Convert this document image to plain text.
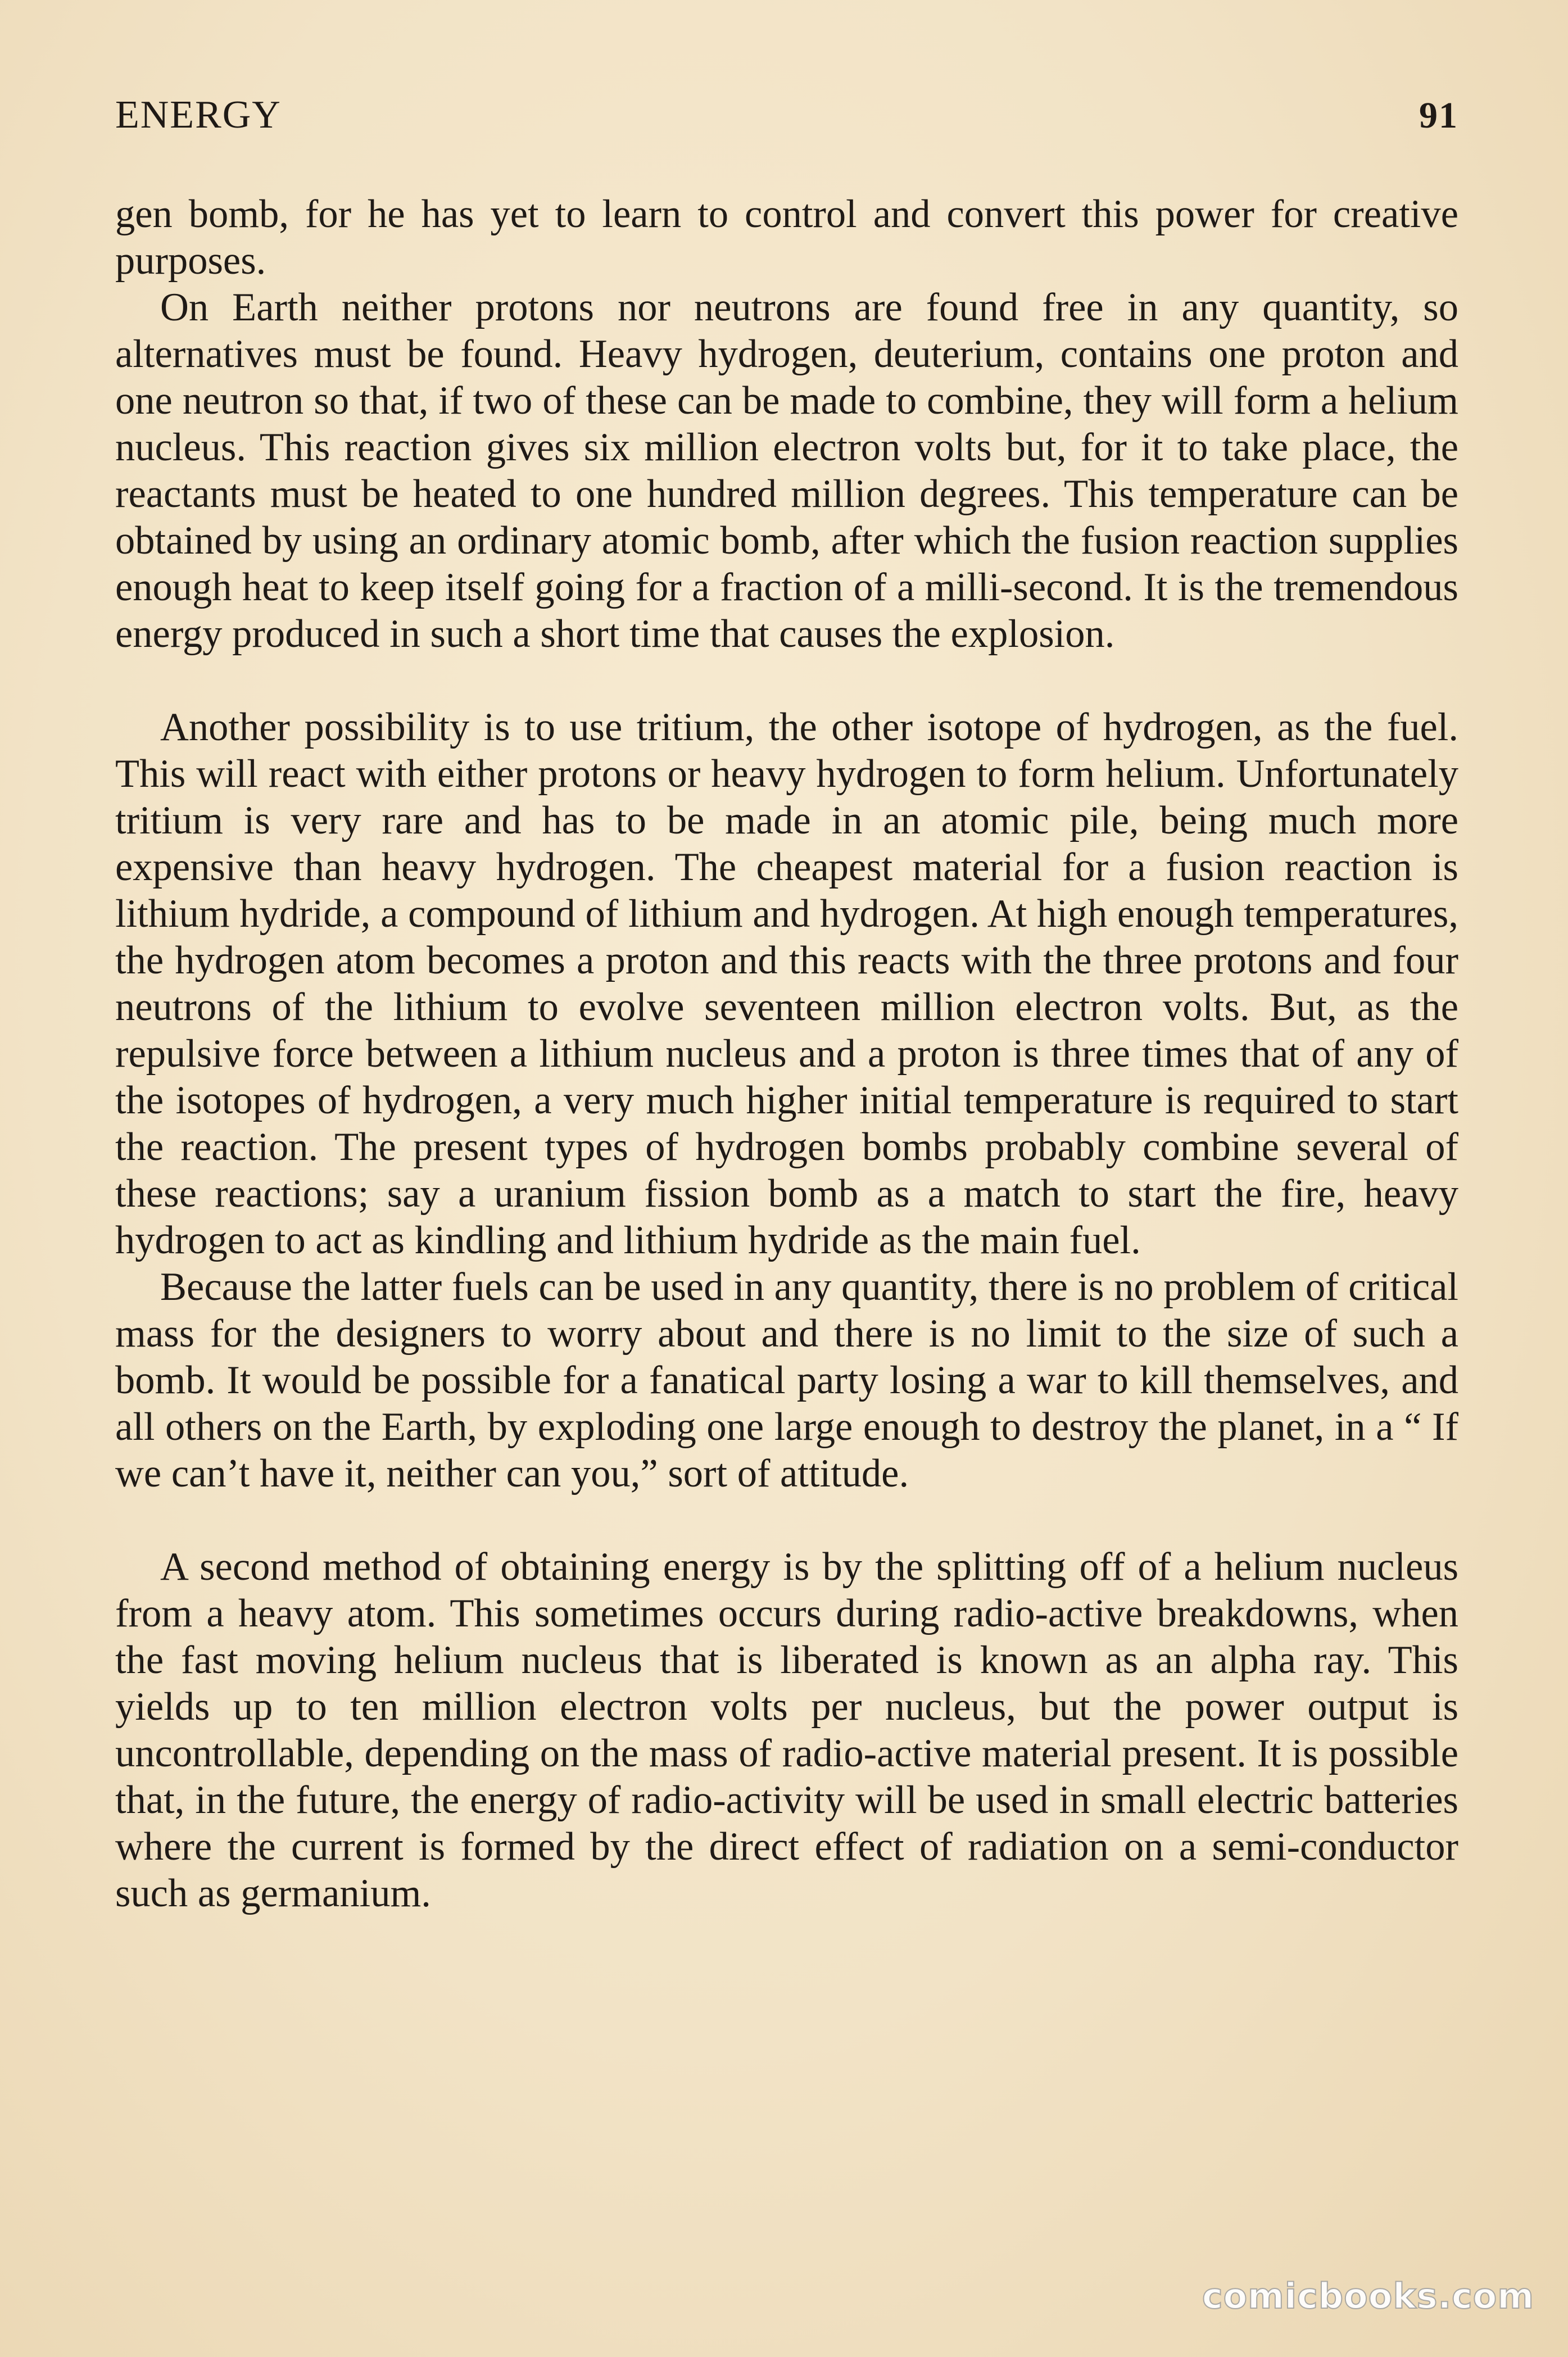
ENERGY	91

gen bomb, for he has yet to learn to control and convert this power for creative purposes.

On Earth neither protons nor neutrons are found free in any quantity, so alternatives must be found. Heavy hydrogen, deuterium, contains one proton and one neutron so that, if two of these can be made to combine, they will form a helium nucleus. This reaction gives six million electron volts but, for it to take place, the reactants must be heated to one hundred million degrees. This temperature can be obtained by using an ordinary atomic bomb, after which the fusion reaction supplies enough heat to keep itself going for a fraction of a milli-second. It is the tremendous energy produced in such a short time that causes the explosion.

Another possibility is to use tritium, the other isotope of hydrogen, as the fuel. This will react with either protons or heavy hydrogen to form helium. Unfortunately tritium is very rare and has to be made in an atomic pile, being much more expensive than heavy hydrogen. The cheapest material for a fusion reaction is lithium hydride, a compound of lithium and hydrogen. At high enough temperatures, the hydrogen atom becomes a proton and this reacts with the three protons and four neutrons of the lithium to evolve seventeen million electron volts. But, as the repulsive force between a lithium nucleus and a proton is three times that of any of the isotopes of hydrogen, a very much higher initial temperature is required to start the reaction. The present types of hydrogen bombs probably combine several of these reactions; say a uranium fission bomb as a match to start the fire, heavy hydrogen to act as kindling and lithium hydride as the main fuel.

Because the latter fuels can be used in any quantity, there is no problem of critical mass for the designers to worry about and there is no limit to the size of such a bomb. It would be possible for a fanatical party losing a war to kill themselves, and all others on the Earth, by exploding one large enough to destroy the planet, in a “ If we can’t have it, neither can you,” sort of attitude.

A second method of obtaining energy is by the splitting off of a helium nucleus from a heavy atom. This sometimes occurs during radio-active breakdowns, when the fast moving helium nucleus that is liberated is known as an alpha ray. This yields up to ten million electron volts per nucleus, but the power output is uncontrollable, depending on the mass of radio-active material present. It is possible that, in the future, the energy of radio-activity will be used in small electric batteries where the current is formed by the direct effect of radiation on a semi-conductor such as germanium.

comicbooks.com
